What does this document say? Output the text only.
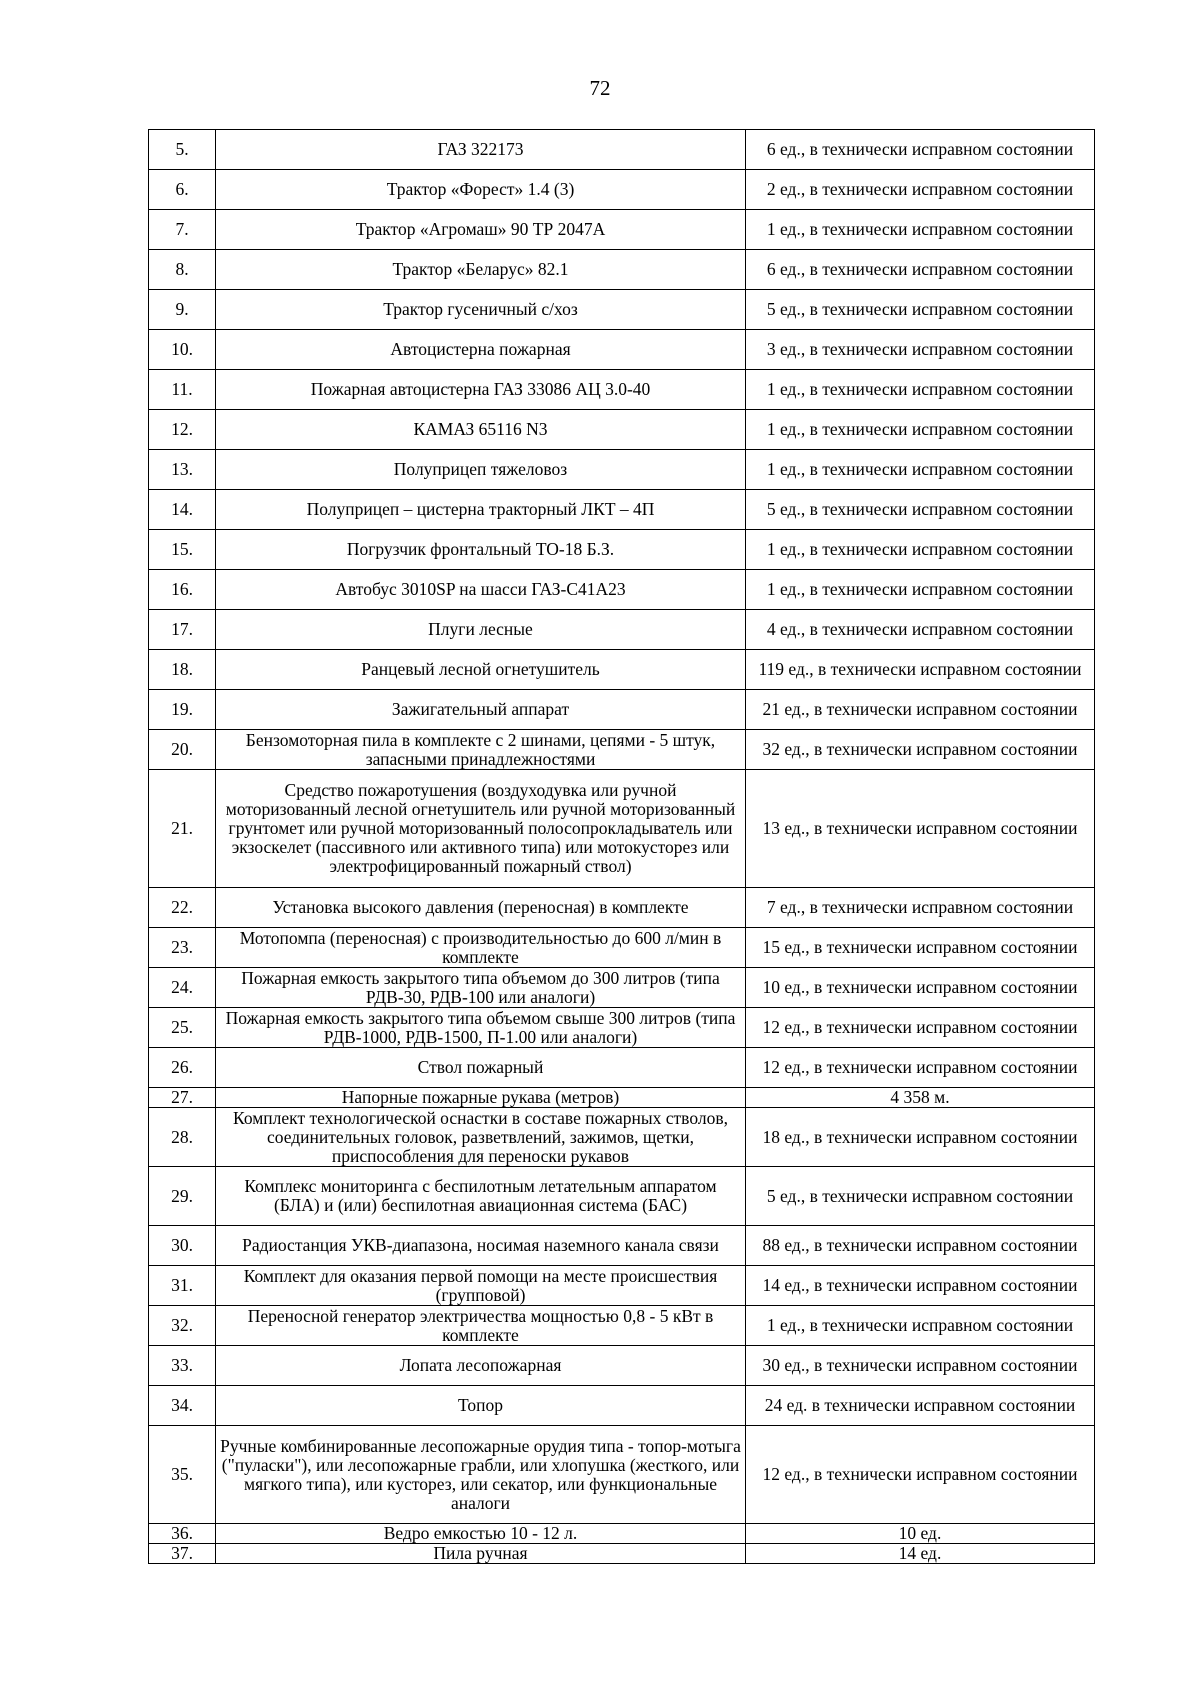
72
5.	ГАЗ 322173	6 ед., в технически исправном состоянии
6.	Трактор «Форест» 1.4 (3)	2 ед., в технически исправном состоянии
7.	Трактор «Агромаш» 90 ТР 2047А	1 ед., в технически исправном состоянии
8.	Трактор «Беларус» 82.1	6 ед., в технически исправном состоянии
9.	Трактор гусеничный с/хоз	5 ед., в технически исправном состоянии
10.	Автоцистерна пожарная	3 ед., в технически исправном состоянии
11.	Пожарная автоцистерна ГАЗ 33086 АЦ 3.0-40	1 ед., в технически исправном состоянии
12.	КАМАЗ 65116 N3	1 ед., в технически исправном состоянии
13.	Полуприцеп тяжеловоз	1 ед., в технически исправном состоянии
14.	Полуприцеп – цистерна тракторный ЛКТ – 4П	5 ед., в технически исправном состоянии
15.	Погрузчик фронтальный ТО-18 Б.З.	1 ед., в технически исправном состоянии
16.	Автобус 3010SP на шасси ГАЗ-С41А23	1 ед., в технически исправном состоянии
17.	Плуги лесные	4 ед., в технически исправном состоянии
18.	Ранцевый лесной огнетушитель	119 ед., в технически исправном состоянии
19.	Зажигательный аппарат	21 ед., в технически исправном состоянии
20.	Бензомоторная пила в комплекте с 2 шинами, цепями - 5 штук, запасными принадлежностями	32 ед., в технически исправном состоянии
21.	Средство пожаротушения (воздуходувка или ручной моторизованный лесной огнетушитель или ручной моторизованный грунтомет или ручной моторизованный полосопрокладыватель или экзоскелет (пассивного или активного типа) или мотокусторез или электрофицированный пожарный ствол)	13 ед., в технически исправном состоянии
22.	Установка высокого давления (переносная) в комплекте	7 ед., в технически исправном состоянии
23.	Мотопомпа (переносная) с производительностью до 600 л/мин в комплекте	15 ед., в технически исправном состоянии
24.	Пожарная емкость закрытого типа объемом до 300 литров (типа РДВ-30, РДВ-100 или аналоги)	10 ед., в технически исправном состоянии
25.	Пожарная емкость закрытого типа объемом свыше 300 литров (типа РДВ-1000, РДВ-1500, П-1.00 или аналоги)	12 ед., в технически исправном состоянии
26.	Ствол пожарный	12 ед., в технически исправном состоянии
27.	Напорные пожарные рукава (метров)	4 358 м.
28.	Комплект технологической оснастки в составе пожарных стволов, соединительных головок, разветвлений, зажимов, щетки, приспособления для переноски рукавов	18 ед., в технически исправном состоянии
29.	Комплекс мониторинга с беспилотным летательным аппаратом (БЛА) и (или) беспилотная авиационная система (БАС)	5 ед., в технически исправном состоянии
30.	Радиостанция УКВ-диапазона, носимая наземного канала связи	88 ед., в технически исправном состоянии
31.	Комплект для оказания первой помощи на месте происшествия (групповой)	14 ед., в технически исправном состоянии
32.	Переносной генератор электричества мощностью 0,8 - 5 кВт в комплекте	1 ед., в технически исправном состоянии
33.	Лопата лесопожарная	30 ед., в технически исправном состоянии
34.	Топор	24 ед. в технически исправном состоянии
35.	Ручные комбинированные лесопожарные орудия типа - топор-мотыга ("пуласки"), или лесопожарные грабли, или хлопушка (жесткого, или мягкого типа), или кусторез, или секатор, или функциональные аналоги	12 ед., в технически исправном состоянии
36.	Ведро емкостью 10 - 12 л.	10 ед.
37.	Пила ручная	14 ед.
